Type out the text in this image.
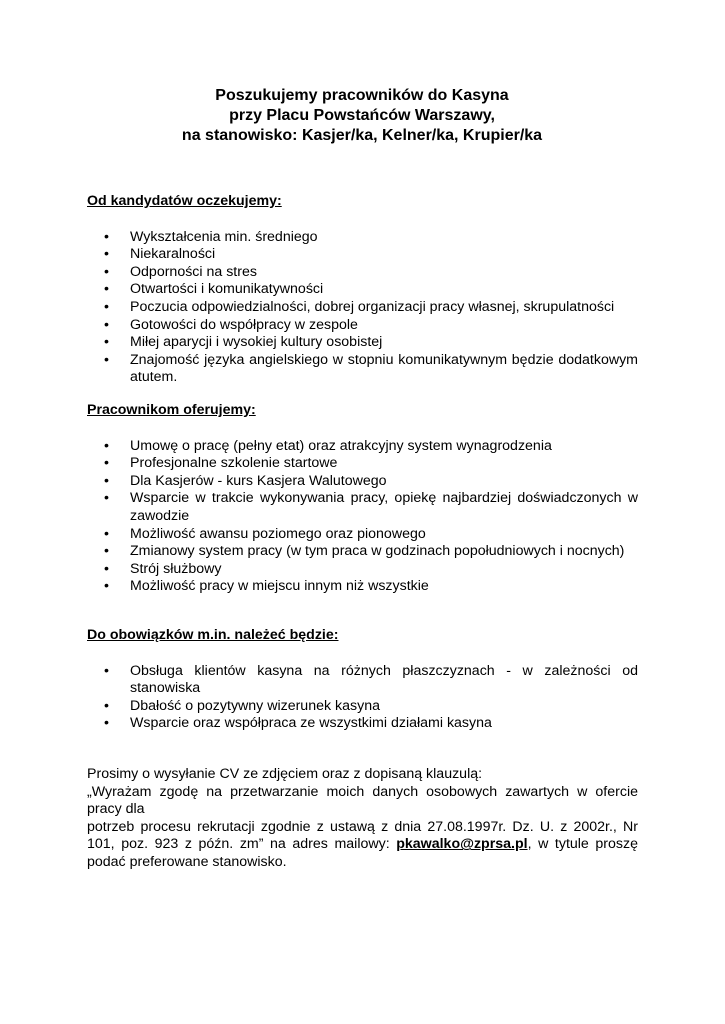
Poszukujemy pracowników do Kasyna
przy Placu Powstańców Warszawy,
na stanowisko: Kasjer/ka, Kelner/ka, Krupier/ka

Od kandydatów oczekujemy:

• Wykształcenia min. średniego
• Niekaralności
• Odporności na stres
• Otwartości i komunikatywności
• Poczucia odpowiedzialności, dobrej organizacji pracy własnej, skrupulatności
• Gotowości do współpracy w zespole
• Miłej aparycji i wysokiej kultury osobistej
• Znajomość języka angielskiego w stopniu komunikatywnym będzie dodatkowym atutem.

Pracownikom oferujemy:

• Umowę o pracę (pełny etat) oraz atrakcyjny system wynagrodzenia
• Profesjonalne szkolenie startowe
• Dla Kasjerów - kurs Kasjera Walutowego
• Wsparcie w trakcie wykonywania pracy, opiekę najbardziej doświadczonych w zawodzie
• Możliwość awansu poziomego oraz pionowego
• Zmianowy system pracy (w tym praca w godzinach popołudniowych i nocnych)
• Strój służbowy
• Możliwość pracy w miejscu innym niż wszystkie

Do obowiązków m.in. należeć będzie:

• Obsługa klientów kasyna na różnych płaszczyznach - w zależności od stanowiska
• Dbałość o pozytywny wizerunek kasyna
• Wsparcie oraz współpraca ze wszystkimi działami kasyna

Prosimy o wysyłanie CV ze zdjęciem oraz z dopisaną klauzulą:

„Wyrażam zgodę na przetwarzanie moich danych osobowych zawartych w ofercie

pracy dla

potrzeb procesu rekrutacji zgodnie z ustawą z dnia 27.08.1997r. Dz. U. z 2002r., Nr

101, poz. 923 z późn. zm” na adres mailowy: pkawalko@zprsa.pl, w tytule proszę

podać preferowane stanowisko.
